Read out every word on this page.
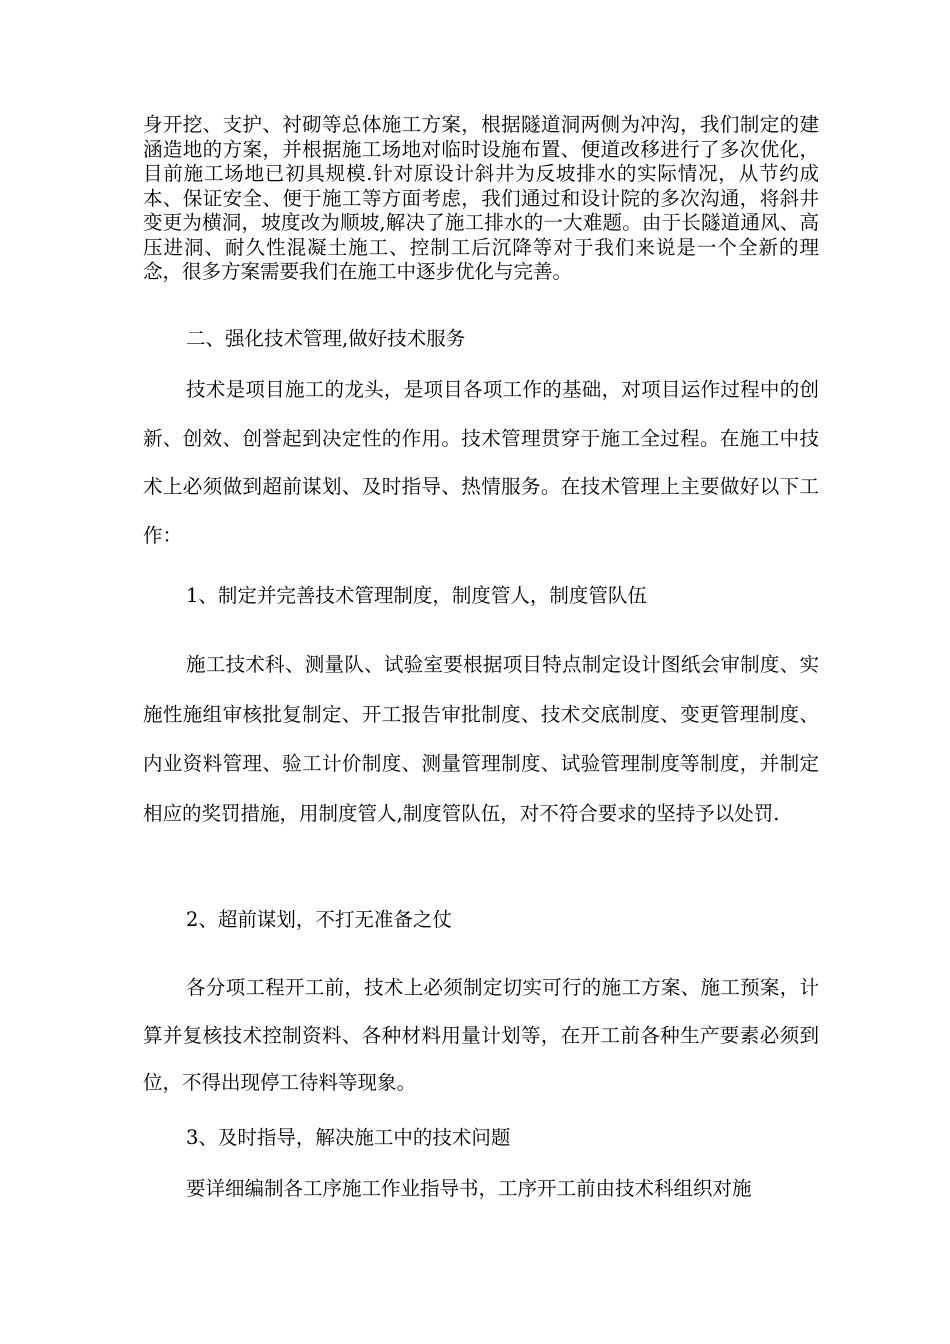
身开挖、支护、衬砌等总体施工方案，根据隧道洞两侧为冲沟，我们制定的建涵造地的方案，并根据施工场地对临时设施布置、便道改移进行了多次优化，目前施工场地已初具规模.针对原设计斜井为反坡排水的实际情况，从节约成本、保证安全、便于施工等方面考虑，我们通过和设计院的多次沟通，将斜井变更为横洞，坡度改为顺坡,解决了施工排水的一大难题。由于长隧道通风、高压进洞、耐久性混凝土施工、控制工后沉降等对于我们来说是一个全新的理念，很多方案需要我们在施工中逐步优化与完善。

二、强化技术管理,做好技术服务

技术是项目施工的龙头，是项目各项工作的基础，对项目运作过程中的创新、创效、创誉起到决定性的作用。技术管理贯穿于施工全过程。在施工中技术上必须做到超前谋划、及时指导、热情服务。在技术管理上主要做好以下工作：

1、制定并完善技术管理制度，制度管人，制度管队伍

施工技术科、测量队、试验室要根据项目特点制定设计图纸会审制度、实施性施组审核批复制定、开工报告审批制度、技术交底制度、变更管理制度、内业资料管理、验工计价制度、测量管理制度、试验管理制度等制度，并制定相应的奖罚措施，用制度管人,制度管队伍，对不符合要求的坚持予以处罚.

2、超前谋划，不打无准备之仗

各分项工程开工前，技术上必须制定切实可行的施工方案、施工预案，计算并复核技术控制资料、各种材料用量计划等，在开工前各种生产要素必须到位，不得出现停工待料等现象。

3、及时指导，解决施工中的技术问题

要详细编制各工序施工作业指导书，工序开工前由技术科组织对施
